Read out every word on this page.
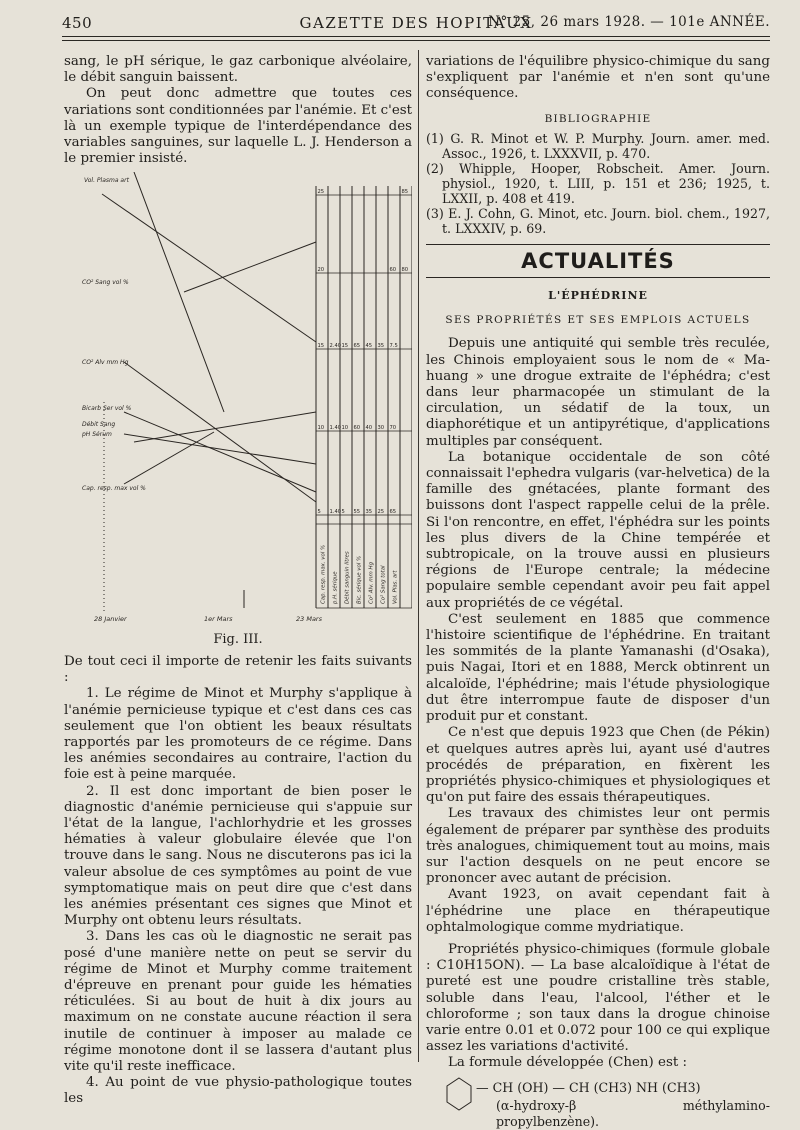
450	GAZETTE DES HOPITAUX
N° 25, 26 mars 1928. — 101e ANNÉE.

sang, le pH sérique, le gaz carbonique alvéolaire, le débit sanguin baissent.

On peut donc admettre que toutes ces variations sont conditionnées par l'anémie. Et c'est là un exemple typique de l'interdépendance des variables sanguines, sur laquelle L. J. Henderson a le premier insisté.

Vol. Plasma art
CO² Sang vol %
CO² Alv mm Hg
Bicarb Ser vol %
Débit Sang
pH Sérum
Cap. resp. max vol %
25	85
20	60 80
15 2.40 15 65 45 35 7.5
10 1.40 10 60 40 30 70
5 1.40 5 55 35 25 65
Cap. resp. max. vol % p.H. sérique Débit sanguin litres Bic. sérique vol % Co² Alv. mm Hg Co² Sang total Vol. Plas. art
28 Janvier	1er Mars	23 Mars
Fig. III.

De tout ceci il importe de retenir les faits suivants :

1. Le régime de Minot et Murphy s'applique à l'anémie pernicieuse typique et c'est dans ces cas seulement que l'on obtient les beaux résultats rapportés par les promoteurs de ce régime. Dans les anémies secondaires au contraire, l'action du foie est à peine marquée.

2. Il est donc important de bien poser le diagnostic d'anémie pernicieuse qui s'appuie sur l'état de la langue, l'achlorhydrie et les grosses hématies à valeur globulaire élevée que l'on trouve dans le sang. Nous ne discuterons pas ici la valeur absolue de ces symptômes au point de vue symptomatique mais on peut dire que c'est dans les anémies présentant ces signes que Minot et Murphy ont obtenu leurs résultats.

3. Dans les cas où le diagnostic ne serait pas posé d'une manière nette on peut se servir du régime de Minot et Murphy comme traitement d'épreuve en prenant pour guide les hématies réticulées. Si au bout de huit à dix jours au maximum on ne constate aucune réaction il sera inutile de continuer à imposer au malade ce régime monotone dont il se lassera d'autant plus vite qu'il reste inefficace.

4. Au point de vue physio-pathologique toutes les

variations de l'équilibre physico-chimique du sang s'expliquent par l'anémie et n'en sont qu'une conséquence.

BIBLIOGRAPHIE

(1) G. R. Minot et W. P. Murphy. Journ. amer. med. Assoc., 1926, t. LXXXVII, p. 470.

(2) Whipple, Hooper, Robscheit. Amer. Journ. physiol., 1920, t. LIII, p. 151 et 236; 1925, t. LXXII, p. 408 et 419.

(3) E. J. Cohn, G. Minot, etc. Journ. biol. chem., 1927, t. LXXXIV, p. 69.

ACTUALITÉS
L'ÉPHÉDRINE
SES PROPRIÉTÉS ET SES EMPLOIS ACTUELS

Depuis une antiquité qui semble très reculée, les Chinois employaient sous le nom de « Ma-huang » une drogue extraite de l'éphédra; c'est dans leur pharmacopée un stimulant de la circulation, un sédatif de la toux, un diaphorétique et un antipyrétique, d'applications multiples par conséquent.

La botanique occidentale de son côté connaissait l'ephedra vulgaris (var-helvetica) de la famille des gnétacées, plante formant des buissons dont l'aspect rappelle celui de la prêle. Si l'on rencontre, en effet, l'éphédra sur les points les plus divers de la Chine tempérée et subtropicale, on la trouve aussi en plusieurs régions de l'Europe centrale; la médecine populaire semble cependant avoir peu fait appel aux propriétés de ce végétal.

C'est seulement en 1885 que commence l'histoire scientifique de l'éphédrine. En traitant les sommités de la plante Yamanashi (d'Osaka), puis Nagai, Itori et en 1888, Merck obtinrent un alcaloïde, l'éphédrine; mais l'étude physiologique dut être interrompue faute de disposer d'un produit pur et constant.

Ce n'est que depuis 1923 que Chen (de Pékin) et quelques autres après lui, ayant usé d'autres procédés de préparation, en fixèrent les propriétés physico-chimiques et physiologiques et qu'on put faire des essais thérapeutiques.

Les travaux des chimistes leur ont permis également de préparer par synthèse des produits très analogues, chimiquement tout au moins, mais sur l'action desquels on ne peut encore se prononcer avec autant de précision.

Avant 1923, on avait cependant fait à l'éphédrine une place en thérapeutique ophtalmologique comme mydriatique.

Propriétés physico-chimiques (formule globale : C10H15ON). — La base alcaloïdique à l'état de pureté est une poudre cristalline très stable, soluble dans l'eau, l'alcool, l'éther et le chloroforme ; son taux dans la drogue chinoise varie entre 0.01 et 0.072 pour 100 ce qui explique assez les variations d'activité.

La formule développée (Chen) est :

— CH (OH) — CH (CH3) NH (CH3)
(α-hydroxy-β méthylamino-propylbenzène).
